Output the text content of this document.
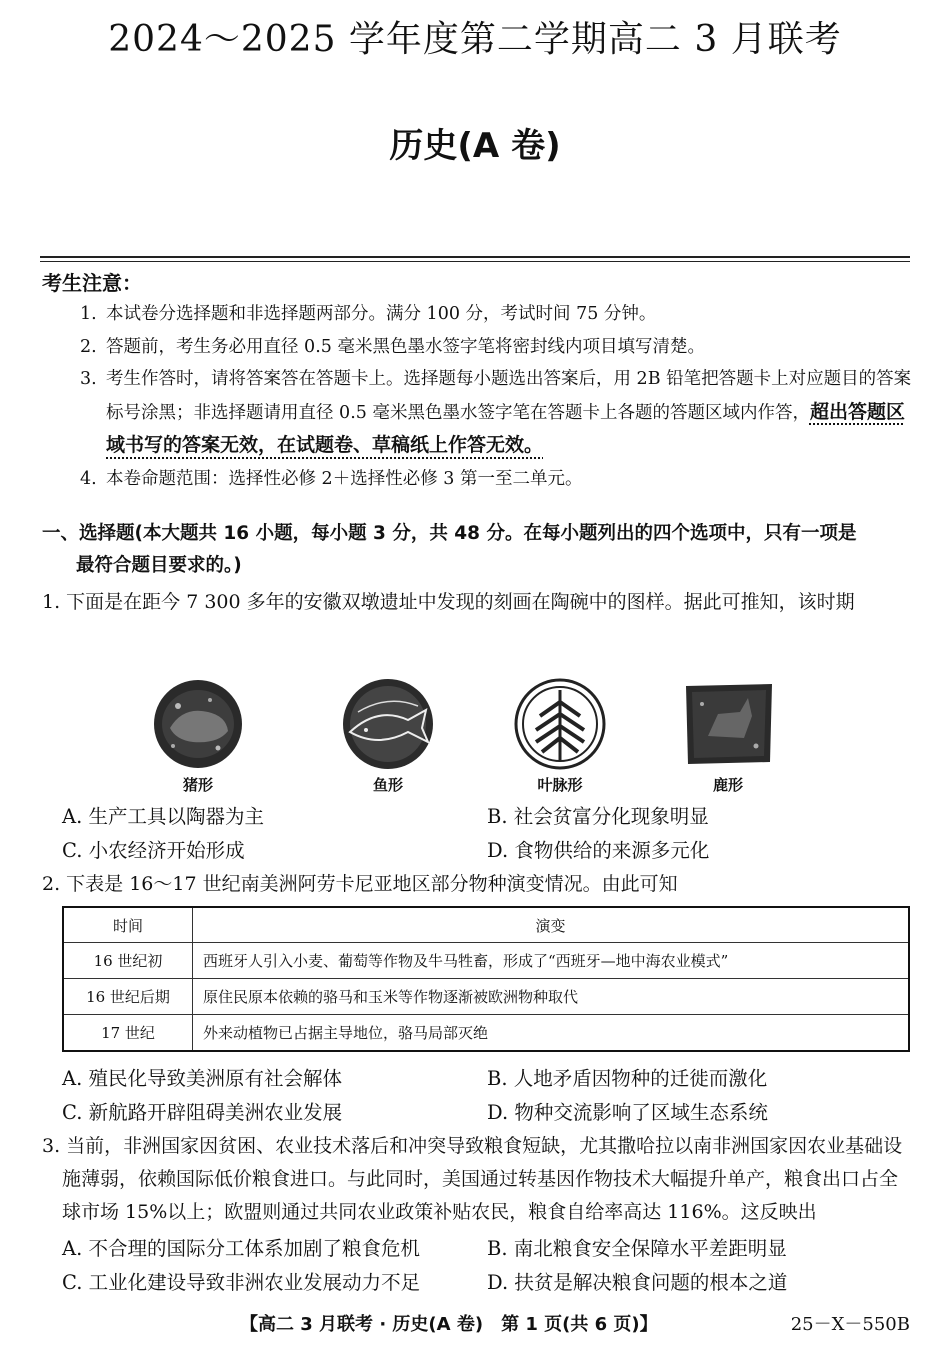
2024～2025 学年度第二学期高二 3 月联考
历史(A 卷)
考生注意：
1. 本试卷分选择题和非选择题两部分。满分 100 分，考试时间 75 分钟。
2. 答题前，考生务必用直径 0.5 毫米黑色墨水签字笔将密封线内项目填写清楚。
3. 考生作答时，请将答案答在答题卡上。选择题每小题选出答案后，用 2B 铅笔把答题卡上对应题目的答案标号涂黑；非选择题请用直径 0.5 毫米黑色墨水签字笔在答题卡上各题的答题区域内作答，超出答题区域书写的答案无效，在试题卷、草稿纸上作答无效。
4. 本卷命题范围：选择性必修 2＋选择性必修 3 第一至二单元。
一、选择题(本大题共 16 小题，每小题 3 分，共 48 分。在每小题列出的四个选项中，只有一项是
最符合题目要求的。)
1. 下面是在距今 7 300 多年的安徽双墩遗址中发现的刻画在陶碗中的图样。据此可推知，该时期
猪形	鱼形	叶脉形	鹿形
A. 生产工具以陶器为主	B. 社会贫富分化现象明显
C. 小农经济开始形成	D. 食物供给的来源多元化
2. 下表是 16～17 世纪南美洲阿劳卡尼亚地区部分物种演变情况。由此可知
时间	演变
16 世纪初	西班牙人引入小麦、葡萄等作物及牛马牲畜，形成了“西班牙—地中海农业模式”
16 世纪后期	原住民原本依赖的骆马和玉米等作物逐渐被欧洲物种取代
17 世纪	外来动植物已占据主导地位，骆马局部灭绝
A. 殖民化导致美洲原有社会解体	B. 人地矛盾因物种的迁徙而激化
C. 新航路开辟阻碍美洲农业发展	D. 物种交流影响了区域生态系统
3. 当前，非洲国家因贫困、农业技术落后和冲突导致粮食短缺，尤其撒哈拉以南非洲国家因农业基础设施薄弱，依赖国际低价粮食进口。与此同时，美国通过转基因作物技术大幅提升单产，粮食出口占全球市场 15%以上；欧盟则通过共同农业政策补贴农民，粮食自给率高达 116%。这反映出
A. 不合理的国际分工体系加剧了粮食危机	B. 南北粮食安全保障水平差距明显
C. 工业化建设导致非洲农业发展动力不足	D. 扶贫是解决粮食问题的根本之道
【高二 3 月联考 · 历史(A 卷)　第 1 页(共 6 页)】	25－X－550B
